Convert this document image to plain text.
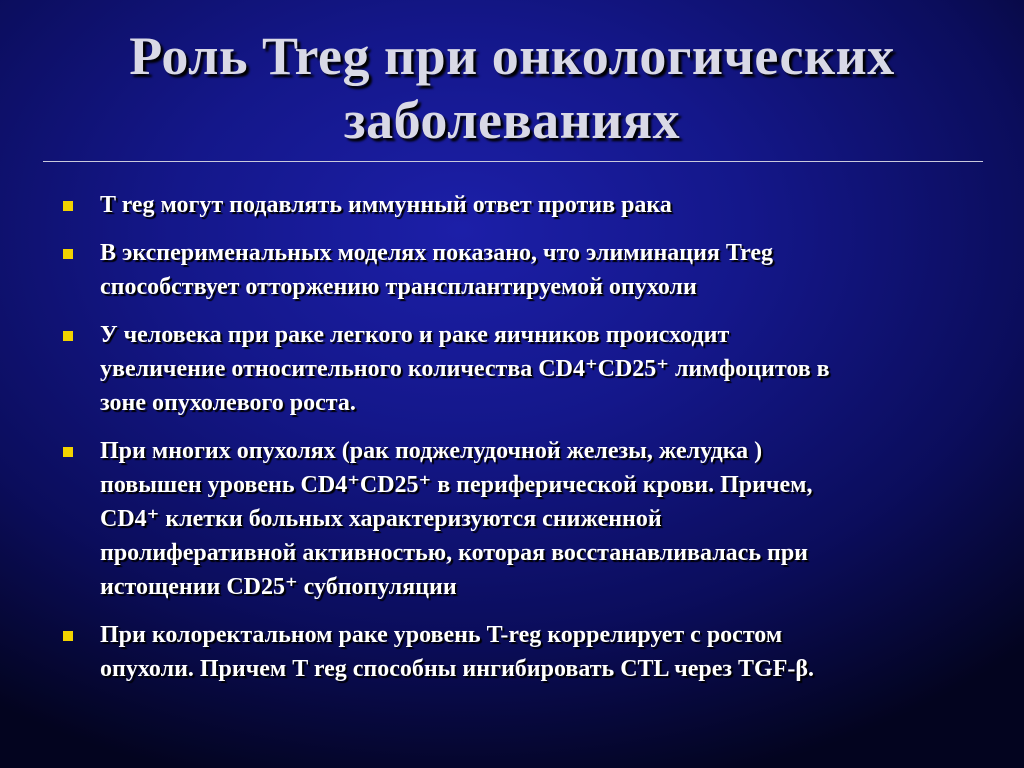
Роль Treg при онкологических
заболеваниях
T reg могут подавлять иммунный ответ против рака
В эксперименальных моделях показано, что элиминация Treg
способствует отторжению трансплантируемой опухоли
У человека при раке легкого и раке яичников происходит
увеличение относительного количества CD4⁺CD25⁺ лимфоцитов в
зоне опухолевого роста.
При многих опухолях (рак поджелудочной железы, желудка )
повышен уровень CD4⁺CD25⁺ в периферической крови. Причем,
CD4⁺ клетки больных характеризуются сниженной
пролиферативной активностью, которая восстанавливалась при
истощении CD25⁺ субпопуляции
При колоректальном раке уровень T-reg коррелирует с ростом
опухоли. Причем T reg способны ингибировать CTL через TGF-β.
